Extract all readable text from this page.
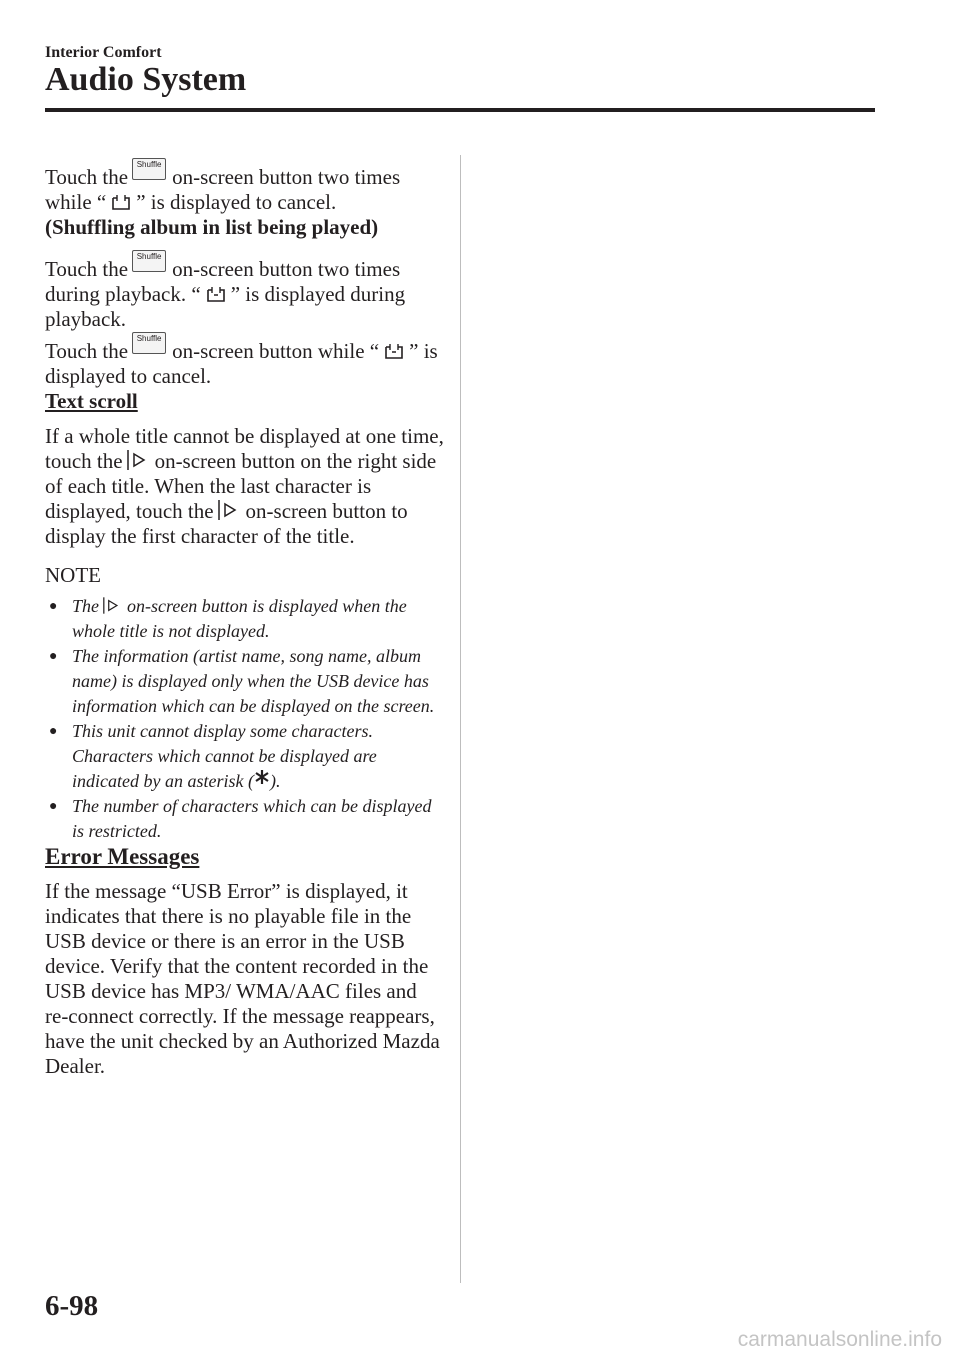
Interior Comfort

Audio System

Touch theShuffleon-screen button two times while “ ” is displayed to cancel.

(Shuffling album in list being played)

Touch theShuffleon-screen button two times during playback. “ ” is displayed during playback.

Touch theShuffleon-screen button while “ ” is displayed to cancel.

Text scroll

If a whole title cannot be displayed at one time, touch the on-screen button on the right side of each title. When the last character is displayed, touch the on-screen button to display the first character of the title.

NOTE

● The on-screen button is displayed when the whole title is not displayed.
● The information (artist name, song name, album name) is displayed only when the USB device has information which can be displayed on the screen.
● This unit cannot display some characters. Characters which cannot be displayed are indicated by an asterisk ( ).
● The number of characters which can be displayed is restricted.

Error Messages

If the message “USB Error” is displayed, it indicates that there is no playable file in the USB device or there is an error in the USB device. Verify that the content recorded in the USB device has MP3/ WMA/AAC files and re-connect correctly. If the message reappears, have the unit checked by an Authorized Mazda Dealer.

6-98

carmanualsonline.info
